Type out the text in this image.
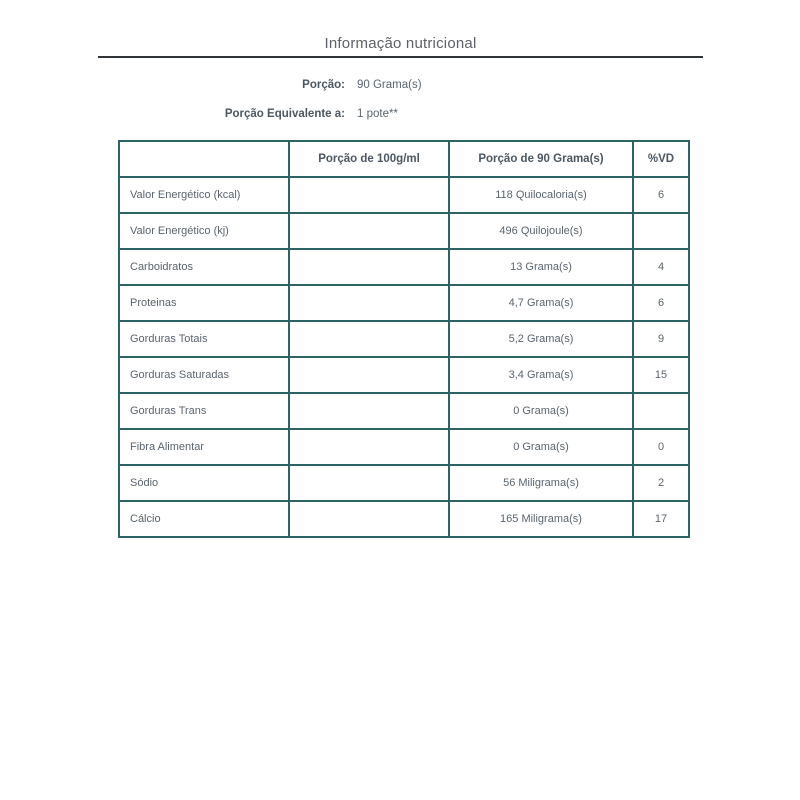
Informação nutricional
Porção: 90 Grama(s)
Porção Equivalente a: 1 pote**
	Porção de 100g/ml	Porção de 90 Grama(s)	%VD
Valor Energético (kcal)		118 Quilocaloria(s)	6
Valor Energético (kj)		496 Quilojoule(s)	
Carboidratos		13 Grama(s)	4
Proteinas		4,7 Grama(s)	6
Gorduras Totais		5,2 Grama(s)	9
Gorduras Saturadas		3,4 Grama(s)	15
Gorduras Trans		0 Grama(s)	
Fibra Alimentar		0 Grama(s)	0
Sódio		56 Miligrama(s)	2
Cálcio		165 Miligrama(s)	17
